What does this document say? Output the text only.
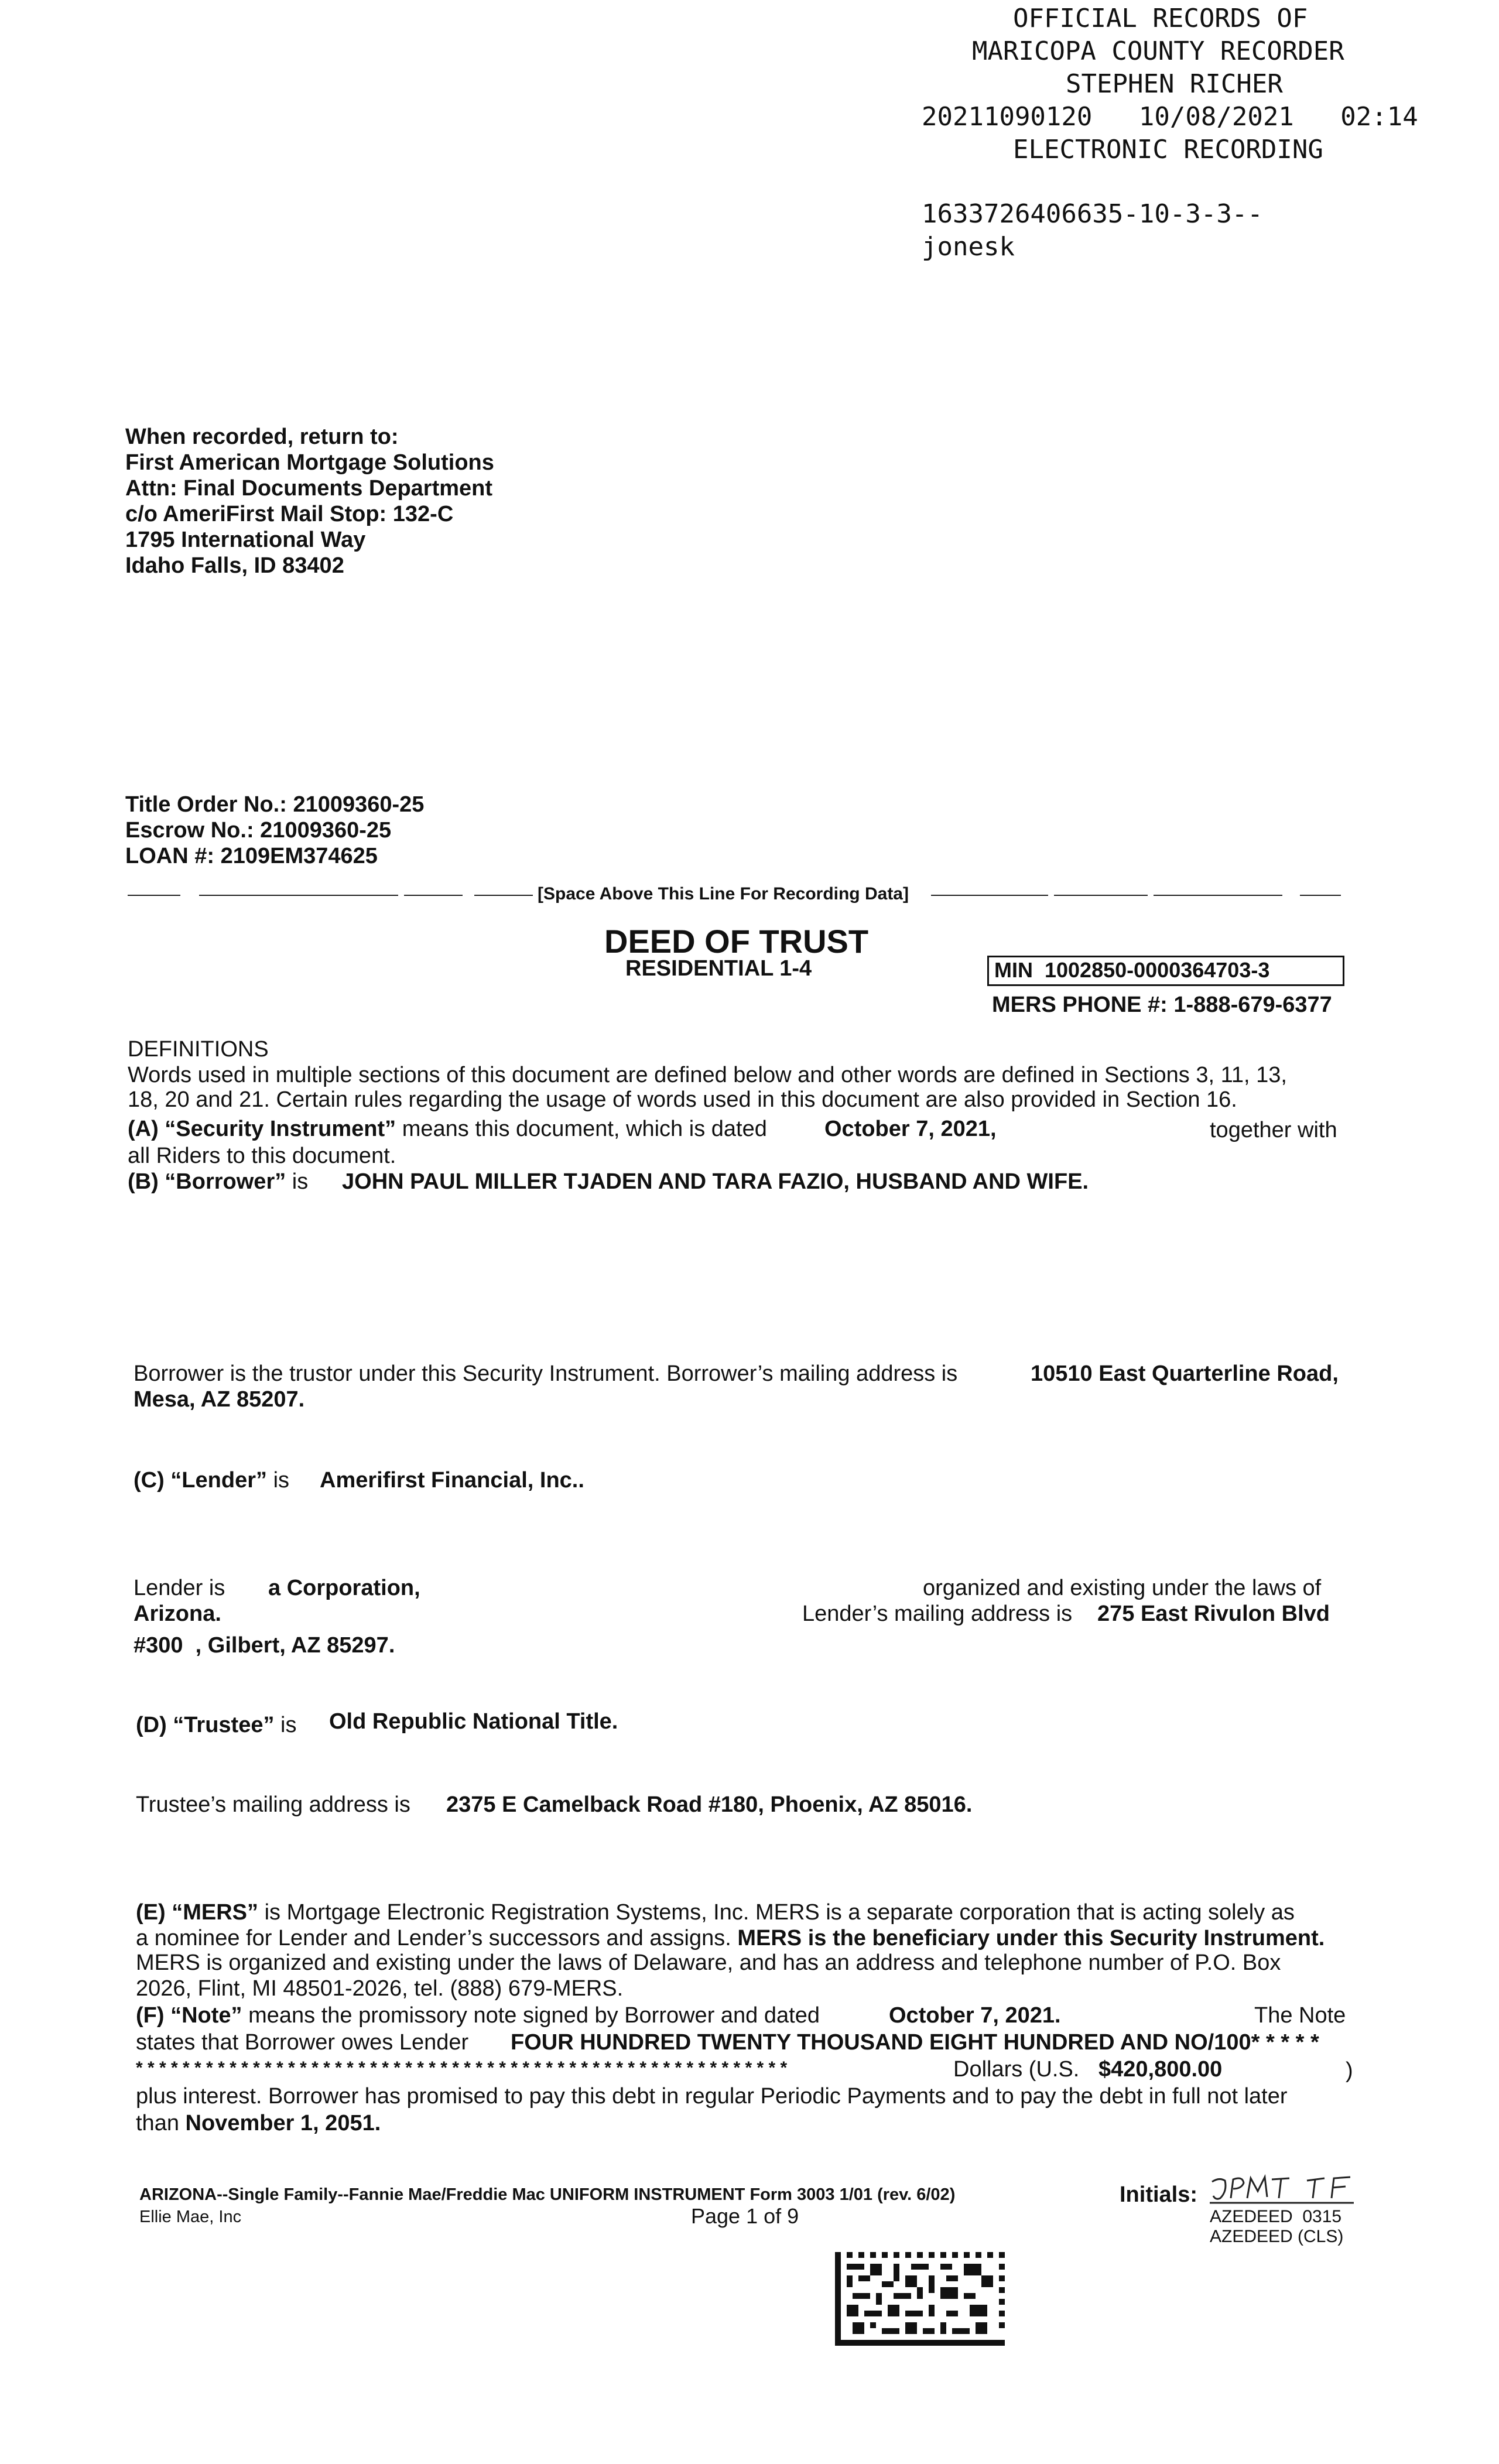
OFFICIAL RECORDS OF
MARICOPA COUNTY RECORDER
STEPHEN RICHER
20211090120 10/08/2021 02:14
ELECTRONIC RECORDING
1633726406635-10-3-3--
jonesk
When recorded, return to:
First American Mortgage Solutions
Attn: Final Documents Department
c/o AmeriFirst Mail Stop: 132-C
1795 International Way
Idaho Falls, ID 83402
Title Order No.: 21009360-25
Escrow No.: 21009360-25
LOAN #: 2109EM374625
[Space Above This Line For Recording Data]
DEED OF TRUST
RESIDENTIAL 1-4	MIN  1002850-0000364703-3
MERS PHONE #: 1-888-679-6377
DEFINITIONS
Words used in multiple sections of this document are defined below and other words are defined in Sections 3, 11, 13,
18, 20 and 21. Certain rules regarding the usage of words used in this document are also provided in Section 16.
(A) “Security Instrument” means this document, which is dated	October 7, 2021,	together with
all Riders to this document.
(B) “Borrower” is JOHN PAUL MILLER TJADEN AND TARA FAZIO, HUSBAND AND WIFE.
Borrower is the trustor under this Security Instrument. Borrower’s mailing address is	10510 East Quarterline Road,
Mesa, AZ 85207.
(C) “Lender” is Amerifirst Financial, Inc..
Lender is a Corporation,	organized and existing under the laws of
Arizona.	Lender’s mailing address is 275 East Rivulon Blvd
#300  , Gilbert, AZ 85297.
(D) “Trustee” is Old Republic National Title.
Trustee’s mailing address is 2375 E Camelback Road #180, Phoenix, AZ 85016.
(E) “MERS” is Mortgage Electronic Registration Systems, Inc. MERS is a separate corporation that is acting solely as
a nominee for Lender and Lender’s successors and assigns. MERS is the beneficiary under this Security Instrument.
MERS is organized and existing under the laws of Delaware, and has an address and telephone number of P.O. Box
2026, Flint, MI 48501-2026, tel. (888) 679-MERS.
(F) “Note” means the promissory note signed by Borrower and dated	October 7, 2021.	The Note
states that Borrower owes Lender FOUR HUNDRED TWENTY THOUSAND EIGHT HUNDRED AND NO/100* * * * *
* * * * * * * * * * * * * * * * * * * * * * * * * * * * * * * * * * * * * * * * * * * * * * * * * * * * * * * *	Dollars (U.S. $420,800.00	)
plus interest. Borrower has promised to pay this debt in regular Periodic Payments and to pay the debt in full not later
than November 1, 2051.
ARIZONA--Single Family--Fannie Mae/Freddie Mac UNIFORM INSTRUMENT Form 3003 1/01 (rev. 6/02)
Ellie Mae, Inc	Page 1 of 9
Initials:
AZEDEED  0315
AZEDEED (CLS)
